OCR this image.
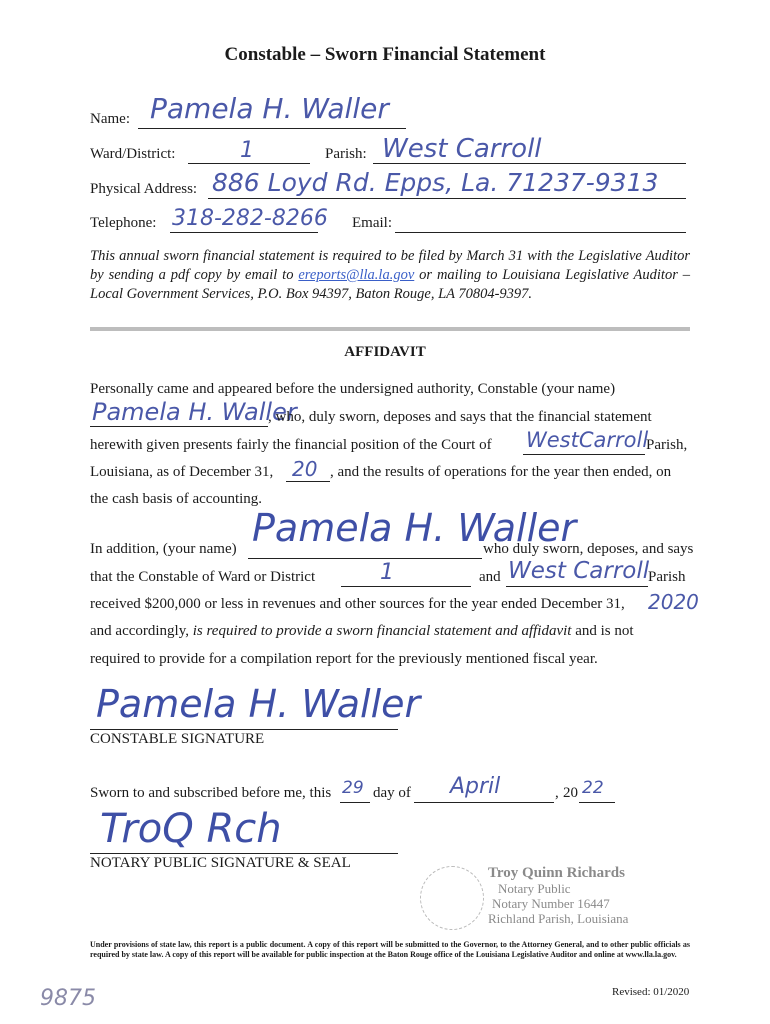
Constable – Sworn Financial Statement
Name: Pamela H. Waller
Ward/District:	1	Parish: West Carroll
Physical Address: 886 Loyd Rd. Epps, La. 71237-9313
Telephone: 318-282-8266 Email:
This annual sworn financial statement is required to be filed by March 31 with the Legislative Auditor by sending a pdf copy by email to ereports@lla.la.gov or mailing to Louisiana Legislative Auditor – Local Government Services, P.O. Box 94397, Baton Rouge, LA 70804-9397.
AFFIDAVIT
Personally came and appeared before the undersigned authority, Constable (your name)
Pamela H. Waller
, who, duly sworn, deposes and says that the financial statement
herewith given presents fairly the financial position of the Court of WestCarroll
Parish,
Louisiana, as of December 31, 20 , and the results of operations for the year then ended, on
the cash basis of accounting.
In addition, (your name) Pamela H. Waller
who duly sworn, deposes, and says
that the Constable of Ward or District	1	and West Carroll
Parish
received $200,000 or less in revenues and other sources for the year ended December 31, 2020
and accordingly, is required to provide a sworn financial statement and affidavit and is not
required to provide for a compilation report for the previously mentioned fiscal year.
Pamela H. Waller
CONSTABLE SIGNATURE
Sworn to and subscribed before me, this 29 day of April	, 20 22
TroQ Rch
NOTARY PUBLIC SIGNATURE & SEAL
Troy Quinn Richards
Notary Public
Notary Number 16447
Richland Parish, Louisiana
Under provisions of state law, this report is a public document. A copy of this report will be submitted to the Governor, to the Attorney General, and to other public officials as required by state law. A copy of this report will be available for public inspection at the Baton Rouge office of the Louisiana Legislative Auditor and online at www.lla.la.gov.
9875	Revised: 01/2020
